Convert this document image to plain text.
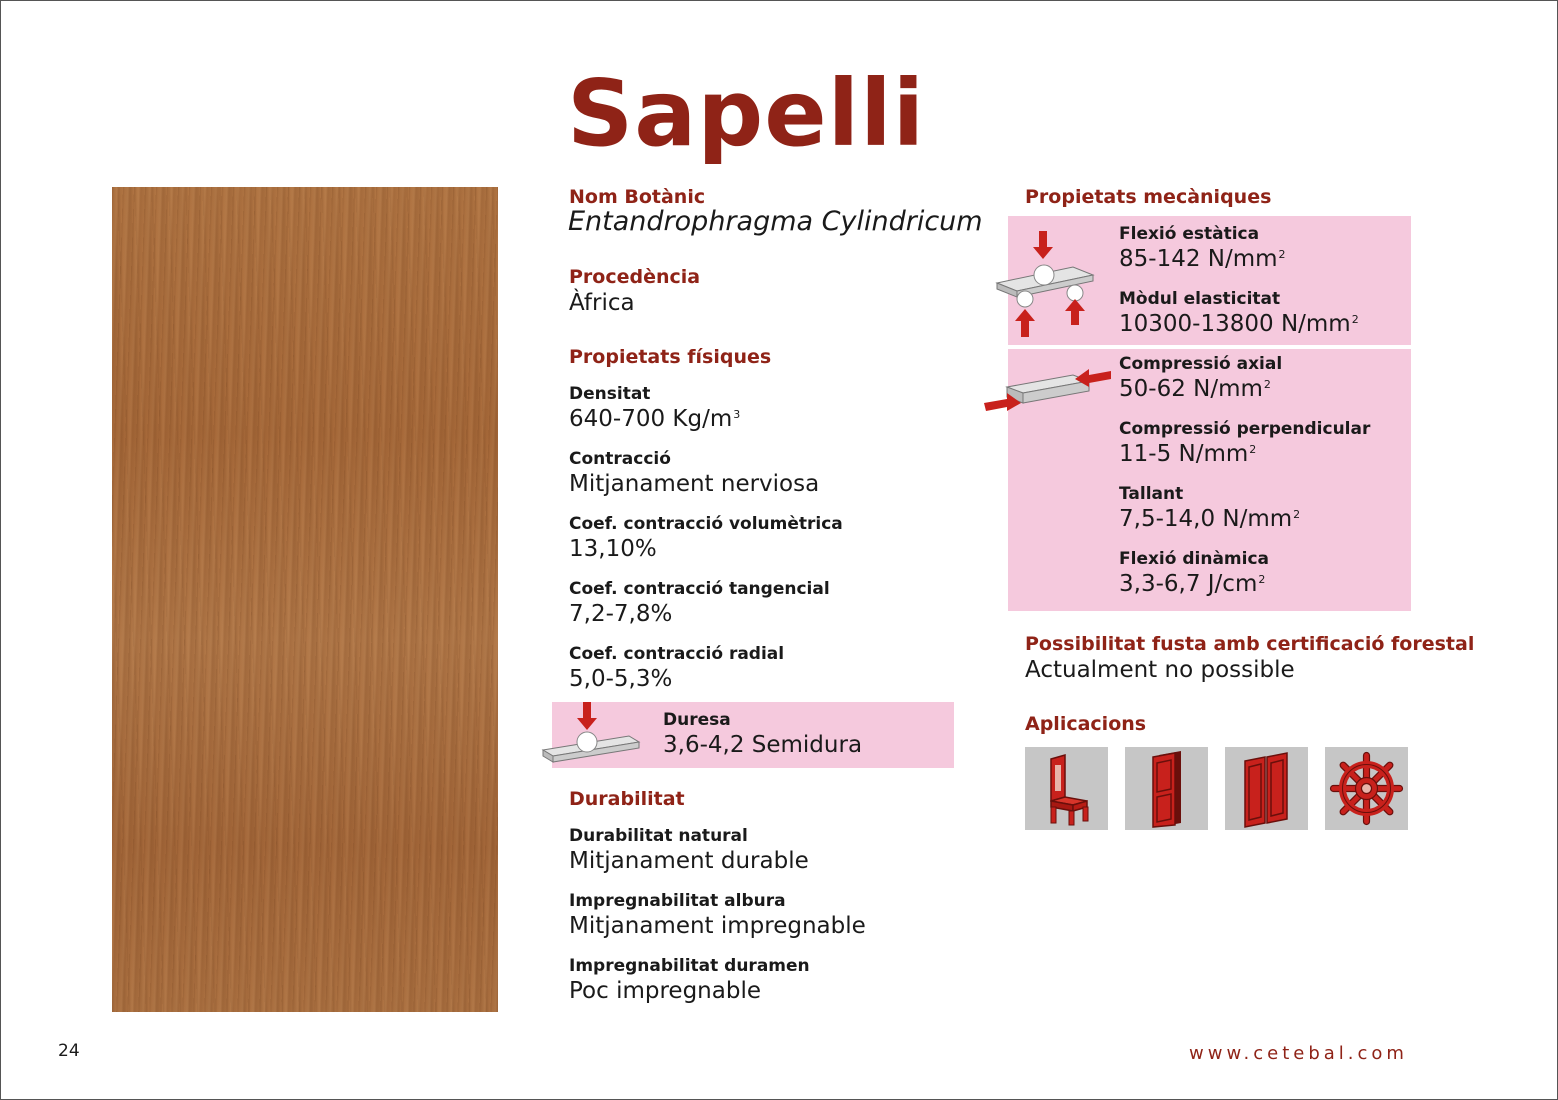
Sapelli
Nom Botànic
Entandrophragma Cylindricum
Procedència
Àfrica
Propietats físiques
Densitat
640-700 $Kg/m^3$
Contracció
Mitjanament nerviosa
Coef. contracció volumètrica
13,10%
Coef. contracció tangencial
7,2-7,8%
Coef. contracció radial
5,0-5,3%
Duresa
3,6-4,2 Semidura
Durabilitat
Durabilitat natural
Mitjanament durable
Impregnabilitat albura
Mitjanament impregnable
Impregnabilitat duramen
Poc impregnable
Propietats mecàniques
Flexió estàtica
85-142 $N/mm^2$
Mòdul elasticitat
10300-13800 $N/mm^2$
Compressió axial
50-62 $N/mm^2$
Compressió perpendicular
11-5 $N/mm^2$
Tallant
7,5-14,0 $N/mm^2$
Flexió dinàmica
3,3-6,7 $J/cm^2$
Possibilitat fusta amb certificació forestal
Actualment no possible
Aplicacions
24	www.cetebal.com
